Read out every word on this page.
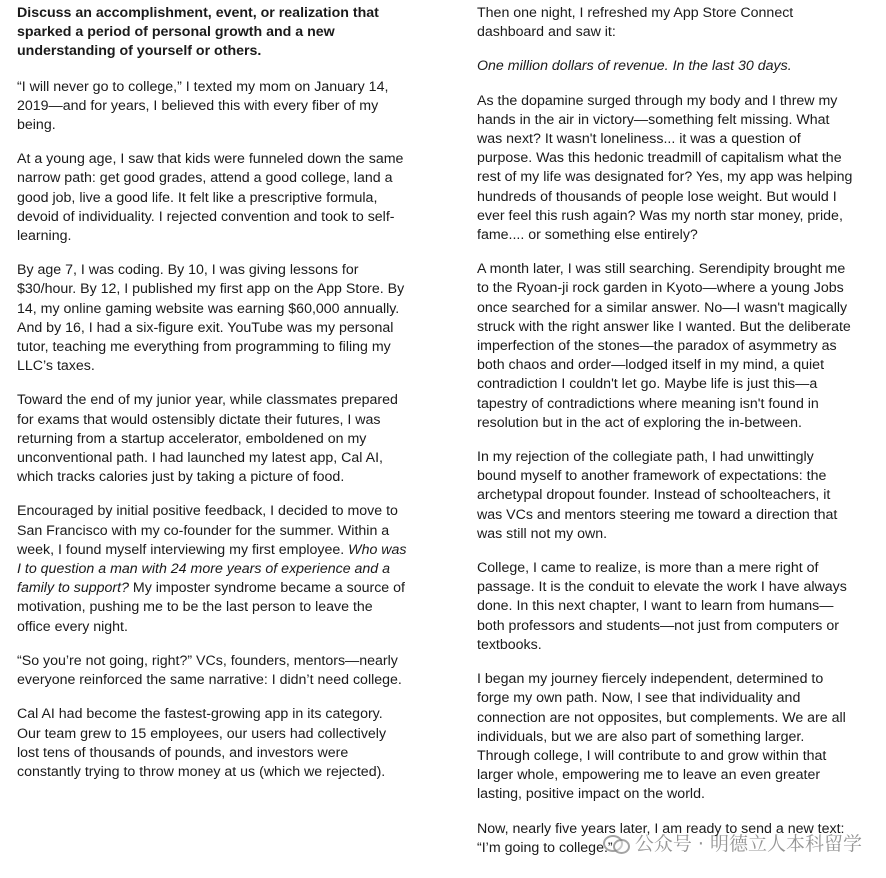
Discuss an accomplishment, event, or realization that sparked a period of personal growth and a new understanding of yourself or others.

“I will never go to college,” I texted my mom on January 14, 2019—and for years, I believed this with every fiber of my being.

At a young age, I saw that kids were funneled down the same narrow path: get good grades, attend a good college, land a good job, live a good life. It felt like a prescriptive formula, devoid of individuality. I rejected convention and took to self-learning.

By age 7, I was coding. By 10, I was giving lessons for $30/hour. By 12, I published my first app on the App Store. By 14, my online gaming website was earning $60,000 annually. And by 16, I had a six-figure exit. YouTube was my personal tutor, teaching me everything from programming to filing my LLC’s taxes.

Toward the end of my junior year, while classmates prepared for exams that would ostensibly dictate their futures, I was returning from a startup accelerator, emboldened on my unconventional path. I had launched my latest app, Cal AI, which tracks calories just by taking a picture of food.

Encouraged by initial positive feedback, I decided to move to San Francisco with my co-founder for the summer. Within a week, I found myself interviewing my first employee. Who was I to question a man with 24 more years of experience and a family to support? My imposter syndrome became a source of motivation, pushing me to be the last person to leave the office every night.

“So you’re not going, right?” VCs, founders, mentors—nearly everyone reinforced the same narrative: I didn’t need college.

Cal AI had become the fastest-growing app in its category. Our team grew to 15 employees, our users had collectively lost tens of thousands of pounds, and investors were constantly trying to throw money at us (which we rejected).

Then one night, I refreshed my App Store Connect dashboard and saw it:

One million dollars of revenue. In the last 30 days.

As the dopamine surged through my body and I threw my hands in the air in victory—something felt missing. What was next? It wasn't loneliness... it was a question of purpose. Was this hedonic treadmill of capitalism what the rest of my life was designated for? Yes, my app was helping hundreds of thousands of people lose weight. But would I ever feel this rush again? Was my north star money, pride, fame.... or something else entirely?

A month later, I was still searching. Serendipity brought me to the Ryoan-ji rock garden in Kyoto—where a young Jobs once searched for a similar answer. No—I wasn't magically struck with the right answer like I wanted. But the deliberate imperfection of the stones—the paradox of asymmetry as both chaos and order—lodged itself in my mind, a quiet contradiction I couldn't let go. Maybe life is just this—a tapestry of contradictions where meaning isn't found in resolution but in the act of exploring the in-between.

In my rejection of the collegiate path, I had unwittingly bound myself to another framework of expectations: the archetypal dropout founder. Instead of schoolteachers, it was VCs and mentors steering me toward a direction that was still not my own.

College, I came to realize, is more than a mere right of passage. It is the conduit to elevate the work I have always done. In this next chapter, I want to learn from humans—both professors and students—not just from computers or textbooks.

I began my journey fiercely independent, determined to forge my own path. Now, I see that individuality and connection are not opposites, but complements. We are all individuals, but we are also part of something larger. Through college, I will contribute to and grow within that larger whole, empowering me to leave an even greater lasting, positive impact on the world.

Now, nearly five years later, I am ready to send a new text: “I’m going to college.”	公众号 · 明德立人本科留学
